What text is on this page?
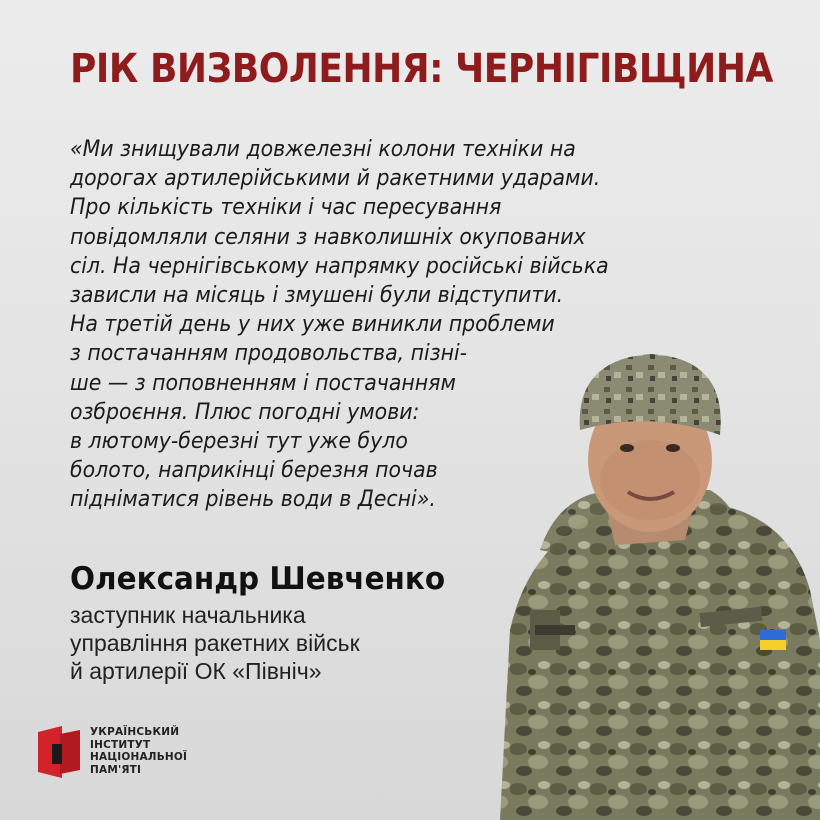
РІК ВИЗВОЛЕННЯ: ЧЕРНІГІВЩИНА
«Ми знищували довжелезні колони техніки на
дорогах артилерійськими й ракетними ударами.
Про кількість техніки і час пересування
повідомляли селяни з навколишніх окупованих
сіл. На чернігівському напрямку російські війська
зависли на місяць і змушені були відступити.
На третій день у них уже виникли проблеми
з постачанням продовольства, пізні-
ше — з поповненням і постачанням
озброєння. Плюс погодні умови:
в лютому-березні тут уже було
болото, наприкінці березня почав
підніматися рівень води в Десні».
Олександр Шевченко
заступник начальника
управління ракетних військ
й артилерії ОК «Північ»
УКРАЇНСЬКИЙ
ІНСТИТУТ
НАЦІОНАЛЬНОЇ
ПАМ'ЯТІ
